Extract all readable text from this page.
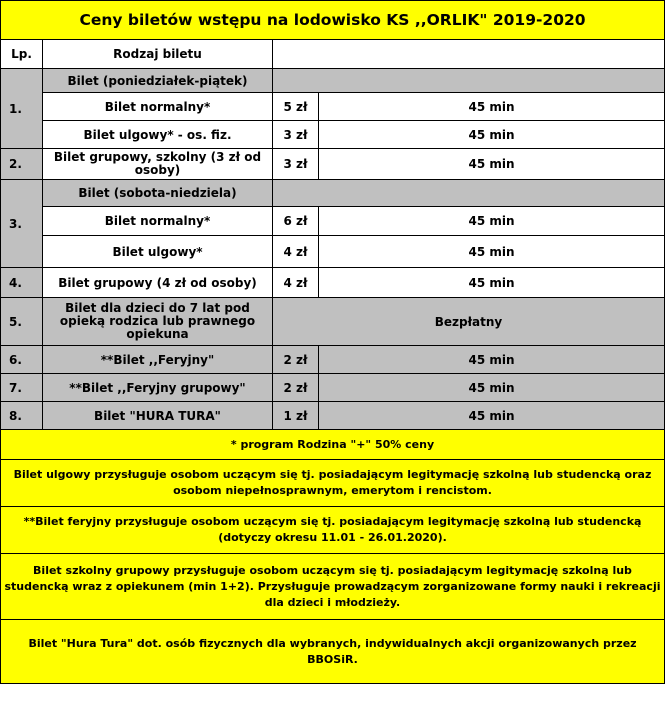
Ceny biletów wstępu na lodowisko KS ,,ORLIK" 2019-2020			
Lp.	Rodzaj biletu		
1.	Bilet (poniedziałek-piątek)		
	Bilet normalny*	5 zł	45 min
	Bilet ulgowy* - os. fiz.	3 zł	45 min
2.	Bilet grupowy, szkolny (3 zł od osoby)	3 zł	45 min
3.	Bilet (sobota-niedziela)		
	Bilet normalny*	6 zł	45 min
	Bilet ulgowy*	4 zł	45 min
4.	Bilet grupowy (4 zł od osoby)	4 zł	45 min
5.	Bilet dla dzieci do 7 lat pod opieką rodzica lub prawnego opiekuna	Bezpłatny	
6.	**Bilet ,,Feryjny"	2 zł	45 min
7.	**Bilet ,,Feryjny grupowy"	2 zł	45 min
8.	Bilet "HURA TURA"	1 zł	45 min
* program Rodzina "+" 50% ceny			
Bilet ulgowy przysługuje osobom uczącym się tj. posiadającym legitymację szkolną lub studencką oraz osobom niepełnosprawnym, emerytom i rencistom.			
**Bilet feryjny przysługuje osobom uczącym się tj. posiadającym legitymację szkolną lub studencką (dotyczy okresu 11.01 - 26.01.2020).			
Bilet szkolny grupowy przysługuje osobom uczącym się tj. posiadającym legitymację szkolną lub studencką wraz z opiekunem (min 1+2). Przysługuje prowadzącym zorganizowane formy nauki i rekreacji dla dzieci i młodzieży.			
Bilet "Hura Tura" dot. osób fizycznych dla wybranych, indywidualnych akcji organizowanych przez BBOSiR.			
